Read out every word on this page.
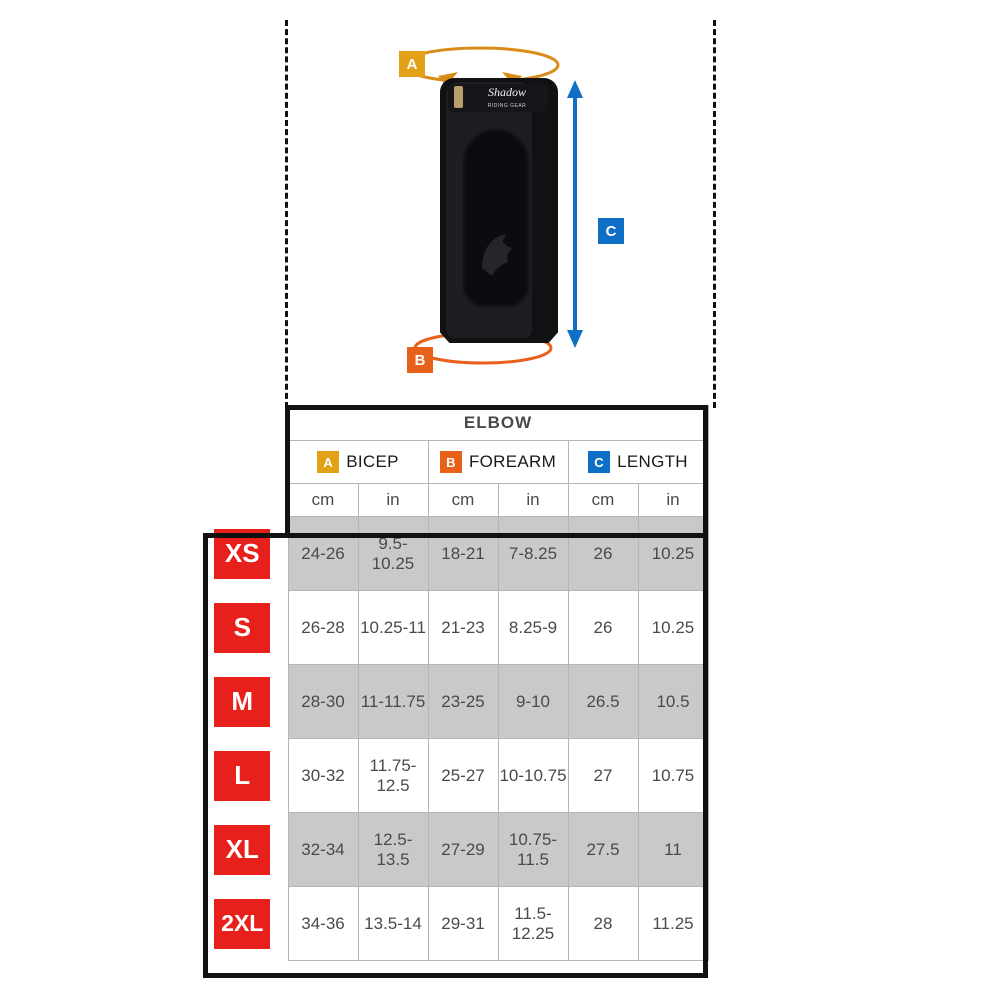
Shadow
RIDING GEAR
A
B
C
	ELBOW					

A BICEP		B FOREARM		C LENGTH	

	cm	in	cm	in	cm	in

XS	24-26	9.5-10.25	18-21	7-8.25	26	10.25

S	26-28	10.25-11	21-23	8.25-9	26	10.25

M	28-30	11-11.75	23-25	9-10	26.5	10.5

L	30-32	11.75-12.5	25-27	10-10.75	27	10.75

XL	32-34	12.5-13.5	27-29	10.75-11.5	27.5	11

2XL	34-36	13.5-14	29-31	11.5-12.25	28	11.25
